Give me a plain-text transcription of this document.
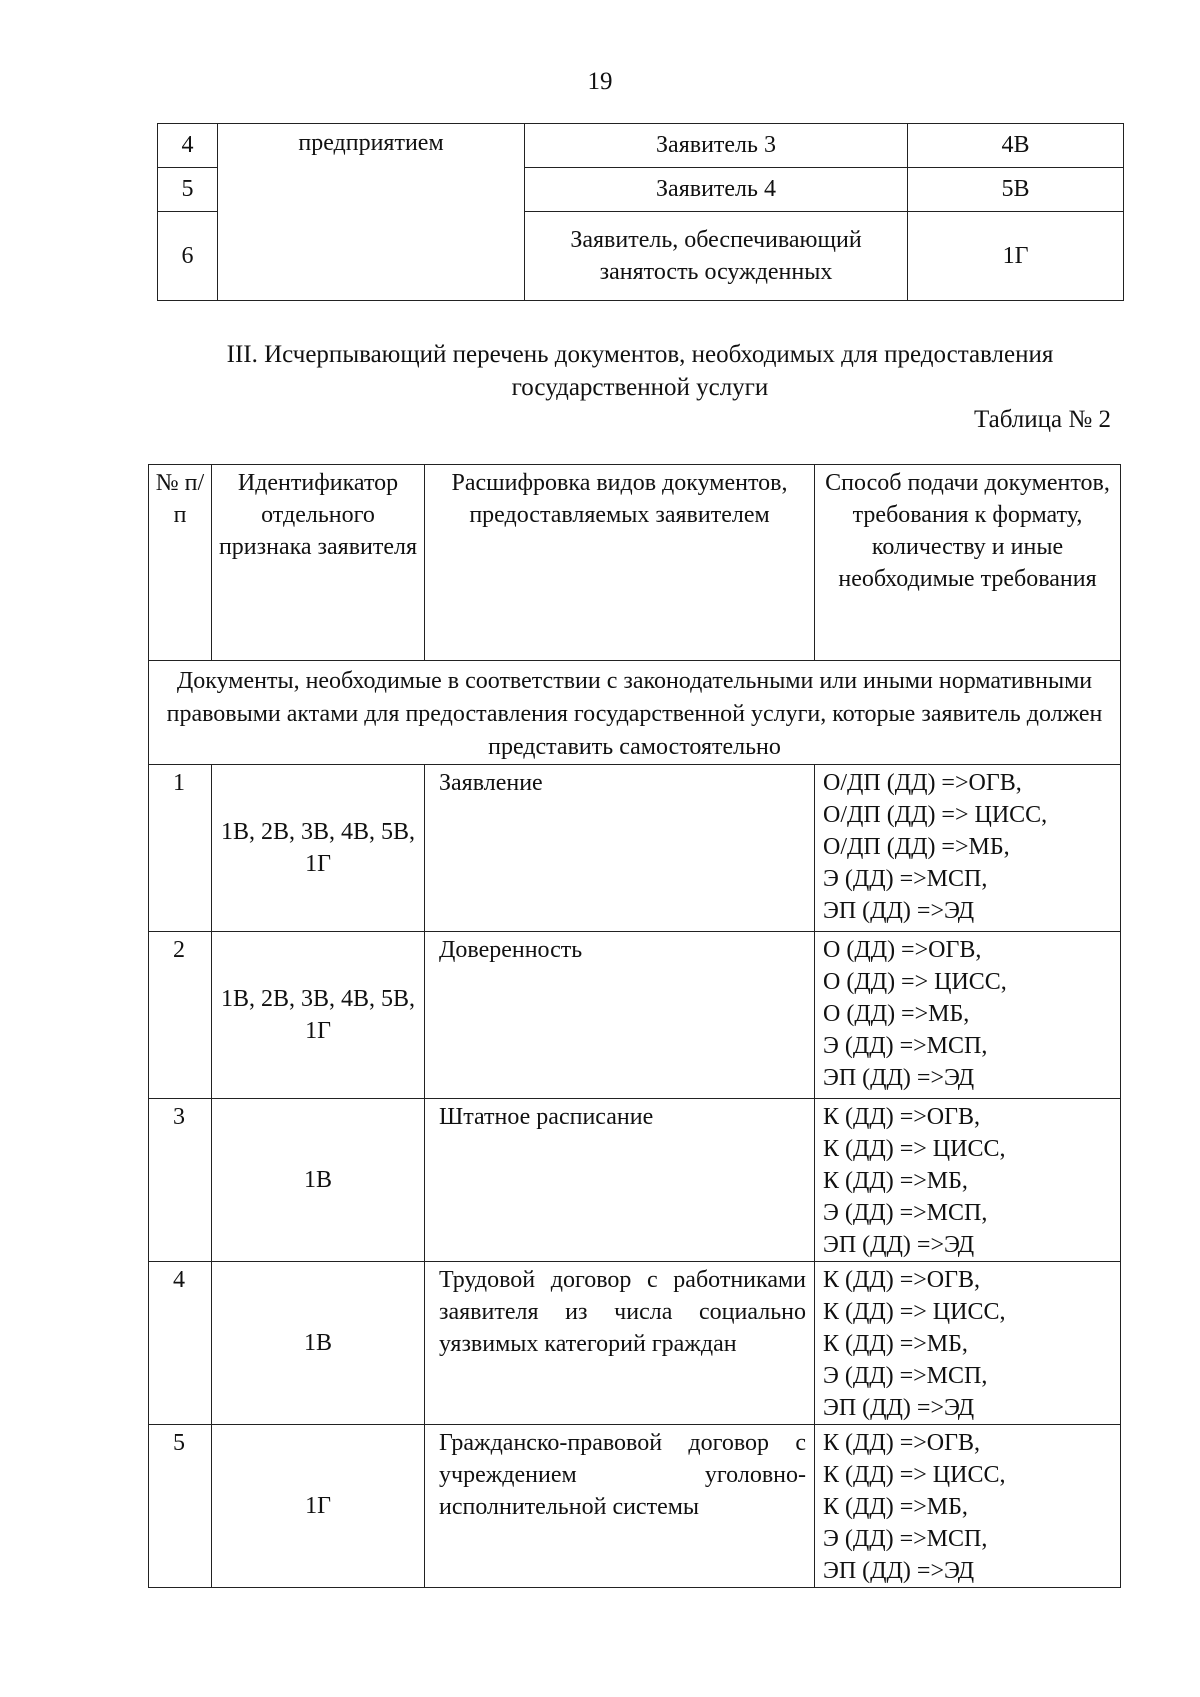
19
4	предприятием	Заявитель 3	4В
5		Заявитель 4	5В
6		Заявитель, обеспечивающий занятость осужденных	1Г
III. Исчерпывающий перечень документов, необходимых для предоставления государственной услуги
Таблица № 2
№ п/ п	Идентификатор отдельного признака заявителя	Расшифровка видов документов, предоставляемых заявителем	Способ подачи документов, требования к формату, количеству и иные необходимые требования
Документы, необходимые в соответствии с законодательными или иными нормативными правовыми актами для предоставления государственной услуги, которые заявитель должен представить самостоятельно			
1	1В, 2В, 3В, 4В, 5В, 1Г	Заявление	О/ДП (ДД) =>ОГВ,
О/ДП (ДД) => ЦИСС,
О/ДП (ДД) =>МБ,
Э (ДД) =>МСП,
ЭП (ДД) =>ЭД
2	1В, 2В, 3В, 4В, 5В, 1Г	Доверенность	О (ДД) =>ОГВ,
О (ДД) => ЦИСС,
О (ДД) =>МБ,
Э (ДД) =>МСП,
ЭП (ДД) =>ЭД
3	1В	Штатное расписание	К (ДД) =>ОГВ,
К (ДД) => ЦИСС,
К (ДД) =>МБ,
Э (ДД) =>МСП,
ЭП (ДД) =>ЭД
4	1В	Трудовой договор с работниками заявителя из числа социально уязвимых категорий граждан	К (ДД) =>ОГВ,
К (ДД) => ЦИСС,
К (ДД) =>МБ,
Э (ДД) =>МСП,
ЭП (ДД) =>ЭД
5	1Г	Гражданско-правовой договор с учреждением уголовно-исполнительной системы	К (ДД) =>ОГВ,
К (ДД) => ЦИСС,
К (ДД) =>МБ,
Э (ДД) =>МСП,
ЭП (ДД) =>ЭД
